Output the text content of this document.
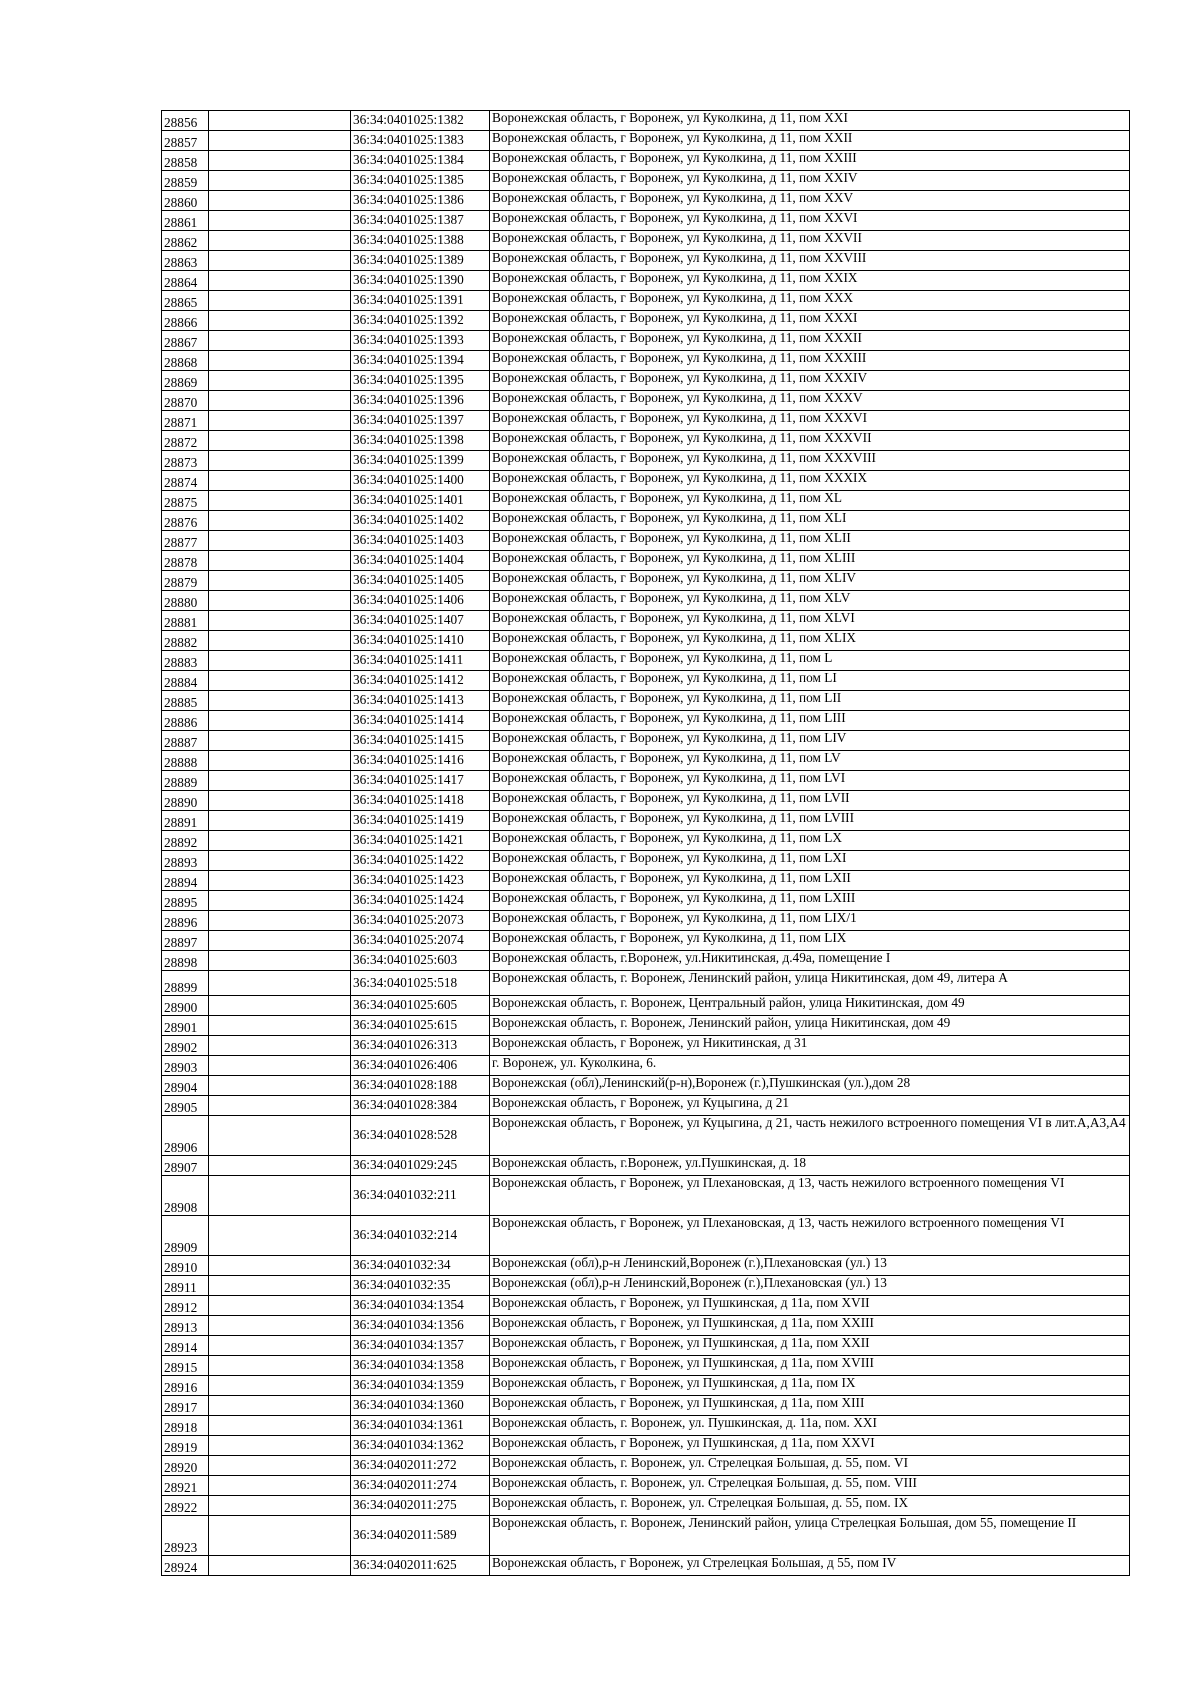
28856		36:34:0401025:1382	Воронежская область, г Воронеж, ул Куколкина, д 11, пом XXI
28857		36:34:0401025:1383	Воронежская область, г Воронеж, ул Куколкина, д 11, пом XXII
28858		36:34:0401025:1384	Воронежская область, г Воронеж, ул Куколкина, д 11, пом XXIII
28859		36:34:0401025:1385	Воронежская область, г Воронеж, ул Куколкина, д 11, пом XXIV
28860		36:34:0401025:1386	Воронежская область, г Воронеж, ул Куколкина, д 11, пом XXV
28861		36:34:0401025:1387	Воронежская область, г Воронеж, ул Куколкина, д 11, пом XXVI
28862		36:34:0401025:1388	Воронежская область, г Воронеж, ул Куколкина, д 11, пом XXVII
28863		36:34:0401025:1389	Воронежская область, г Воронеж, ул Куколкина, д 11, пом XXVIII
28864		36:34:0401025:1390	Воронежская область, г Воронеж, ул Куколкина, д 11, пом XXIX
28865		36:34:0401025:1391	Воронежская область, г Воронеж, ул Куколкина, д 11, пом XXX
28866		36:34:0401025:1392	Воронежская область, г Воронеж, ул Куколкина, д 11, пом XXXI
28867		36:34:0401025:1393	Воронежская область, г Воронеж, ул Куколкина, д 11, пом XXXII
28868		36:34:0401025:1394	Воронежская область, г Воронеж, ул Куколкина, д 11, пом XXXIII
28869		36:34:0401025:1395	Воронежская область, г Воронеж, ул Куколкина, д 11, пом XXXIV
28870		36:34:0401025:1396	Воронежская область, г Воронеж, ул Куколкина, д 11, пом XXXV
28871		36:34:0401025:1397	Воронежская область, г Воронеж, ул Куколкина, д 11, пом XXXVI
28872		36:34:0401025:1398	Воронежская область, г Воронеж, ул Куколкина, д 11, пом XXXVII
28873		36:34:0401025:1399	Воронежская область, г Воронеж, ул Куколкина, д 11, пом XXXVIII
28874		36:34:0401025:1400	Воронежская область, г Воронеж, ул Куколкина, д 11, пом XXXIX
28875		36:34:0401025:1401	Воронежская область, г Воронеж, ул Куколкина, д 11, пом XL
28876		36:34:0401025:1402	Воронежская область, г Воронеж, ул Куколкина, д 11, пом XLI
28877		36:34:0401025:1403	Воронежская область, г Воронеж, ул Куколкина, д 11, пом XLII
28878		36:34:0401025:1404	Воронежская область, г Воронеж, ул Куколкина, д 11, пом XLIII
28879		36:34:0401025:1405	Воронежская область, г Воронеж, ул Куколкина, д 11, пом XLIV
28880		36:34:0401025:1406	Воронежская область, г Воронеж, ул Куколкина, д 11, пом XLV
28881		36:34:0401025:1407	Воронежская область, г Воронеж, ул Куколкина, д 11, пом XLVI
28882		36:34:0401025:1410	Воронежская область, г Воронеж, ул Куколкина, д 11, пом XLIX
28883		36:34:0401025:1411	Воронежская область, г Воронеж, ул Куколкина, д 11, пом L
28884		36:34:0401025:1412	Воронежская область, г Воронеж, ул Куколкина, д 11, пом LI
28885		36:34:0401025:1413	Воронежская область, г Воронеж, ул Куколкина, д 11, пом LII
28886		36:34:0401025:1414	Воронежская область, г Воронеж, ул Куколкина, д 11, пом LIII
28887		36:34:0401025:1415	Воронежская область, г Воронеж, ул Куколкина, д 11, пом LIV
28888		36:34:0401025:1416	Воронежская область, г Воронеж, ул Куколкина, д 11, пом LV
28889		36:34:0401025:1417	Воронежская область, г Воронеж, ул Куколкина, д 11, пом LVI
28890		36:34:0401025:1418	Воронежская область, г Воронеж, ул Куколкина, д 11, пом LVII
28891		36:34:0401025:1419	Воронежская область, г Воронеж, ул Куколкина, д 11, пом LVIII
28892		36:34:0401025:1421	Воронежская область, г Воронеж, ул Куколкина, д 11, пом LX
28893		36:34:0401025:1422	Воронежская область, г Воронеж, ул Куколкина, д 11, пом LXI
28894		36:34:0401025:1423	Воронежская область, г Воронеж, ул Куколкина, д 11, пом LXII
28895		36:34:0401025:1424	Воронежская область, г Воронеж, ул Куколкина, д 11, пом LXIII
28896		36:34:0401025:2073	Воронежская область, г Воронеж, ул Куколкина, д 11, пом LIX/1
28897		36:34:0401025:2074	Воронежская область, г Воронеж, ул Куколкина, д 11, пом LIX
28898		36:34:0401025:603	Воронежская область, г.Воронеж, ул.Никитинская, д.49а, помещение I
28899		36:34:0401025:518	Воронежская область, г. Воронеж, Ленинский район, улица Никитинская, дом 49, литера А
28900		36:34:0401025:605	Воронежская область, г. Воронеж, Центральный район, улица Никитинская, дом 49
28901		36:34:0401025:615	Воронежская область, г. Воронеж, Ленинский район, улица Никитинская, дом 49
28902		36:34:0401026:313	Воронежская область, г Воронеж, ул Никитинская, д 31
28903		36:34:0401026:406	г. Воронеж, ул. Куколкина, 6.
28904		36:34:0401028:188	Воронежская (обл),Ленинский(р-н),Воронеж (г.),Пушкинская (ул.),дом 28
28905		36:34:0401028:384	Воронежская область, г Воронеж, ул Куцыгина, д 21
28906		36:34:0401028:528	Воронежская область, г Воронеж, ул Куцыгина, д 21, часть нежилого встроенного помещения VI в лит.А,А3,А4
28907		36:34:0401029:245	Воронежская область, г.Воронеж, ул.Пушкинская, д. 18
28908		36:34:0401032:211	Воронежская область, г Воронеж, ул Плехановская, д 13, часть нежилого встроенного помещения VI
28909		36:34:0401032:214	Воронежская область, г Воронеж, ул Плехановская, д 13, часть нежилого встроенного помещения VI
28910		36:34:0401032:34	Воронежская (обл),р-н Ленинский,Воронеж (г.),Плехановская (ул.) 13
28911		36:34:0401032:35	Воронежская (обл),р-н Ленинский,Воронеж (г.),Плехановская (ул.) 13
28912		36:34:0401034:1354	Воронежская область, г Воронеж, ул Пушкинская, д 11а, пом XVII
28913		36:34:0401034:1356	Воронежская область, г Воронеж, ул Пушкинская, д 11а, пом XXIII
28914		36:34:0401034:1357	Воронежская область, г Воронеж, ул Пушкинская, д 11а, пом XXII
28915		36:34:0401034:1358	Воронежская область, г Воронеж, ул Пушкинская, д 11а, пом XVIII
28916		36:34:0401034:1359	Воронежская область, г Воронеж, ул Пушкинская, д 11а, пом IX
28917		36:34:0401034:1360	Воронежская область, г Воронеж, ул Пушкинская, д 11а, пом XIII
28918		36:34:0401034:1361	Воронежская область, г. Воронеж, ул. Пушкинская, д. 11а, пом. XXI
28919		36:34:0401034:1362	Воронежская область, г Воронеж, ул Пушкинская, д 11а, пом XXVI
28920		36:34:0402011:272	Воронежская область, г. Воронеж, ул. Стрелецкая Большая, д. 55, пом. VI
28921		36:34:0402011:274	Воронежская область, г. Воронеж, ул. Стрелецкая Большая, д. 55, пом. VIII
28922		36:34:0402011:275	Воронежская область, г. Воронеж, ул. Стрелецкая Большая, д. 55, пом. IX
28923		36:34:0402011:589	Воронежская область, г. Воронеж, Ленинский район, улица Стрелецкая Большая, дом 55, помещение II
28924		36:34:0402011:625	Воронежская область, г Воронеж, ул Стрелецкая Большая, д 55, пом IV
